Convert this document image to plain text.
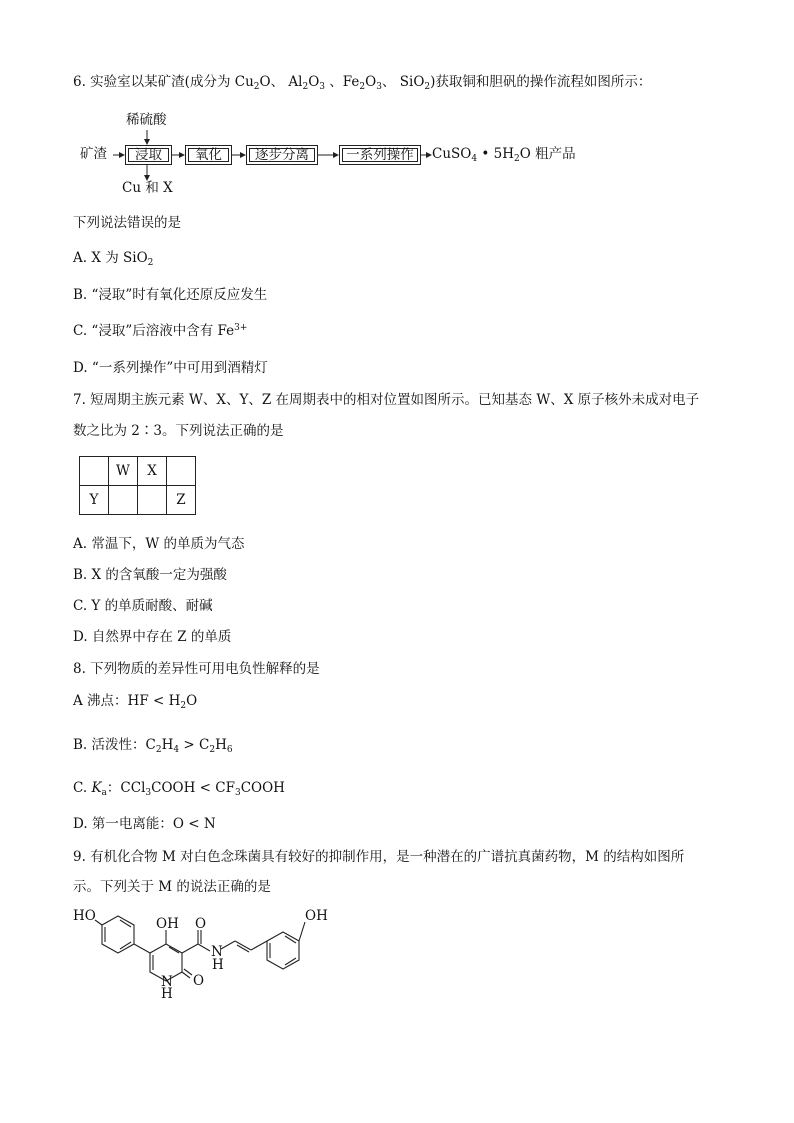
6. 实验室以某矿渣(成分为 $Cu_2O$、 $Al_2O_3$ 、$Fe_2O_3$、 SiO$_2$)获取铜和胆矾的操作流程如图所示：
稀硫酸
矿渣	浸取	氧化	逐步分离	一系列操作	CuSO$_4$ • $5H_2O$ 粗产品
Cu 和 X
下列说法错误的是
A. X 为 SiO$_2$
B. “浸取”时有氧化还原反应发生
C. “浸取”后溶液中含有 $Fe^{3+}$
D. “一系列操作”中可用到酒精灯
7. 短周期主族元素 W、X、Y、Z 在周期表中的相对位置如图所示。已知基态 W、X 原子核外未成对电子
数之比为 2∶3。下列说法正确的是
	W	X	
Y			Z
A. 常温下，W 的单质为气态
B. X 的含氧酸一定为强酸
C. Y 的单质耐酸、耐碱
D. 自然界中存在 Z 的单质
8. 下列物质的差异性可用电负性解释的是
A 沸点：HF < $H_2O$
B. 活泼性：$C_2H_4 > C_2H_6$
C. $K_a$：CCl$_3$COOH < $CF_3COOH$
D. 第一电离能：O < N
9. 有机化合物 M 对白色念珠菌具有较好的抑制作用，是一种潜在的广谱抗真菌药物，M 的结构如图所
示。下列关于 M 的说法正确的是
HO	OH	OH
O
N
H
N
H
O
